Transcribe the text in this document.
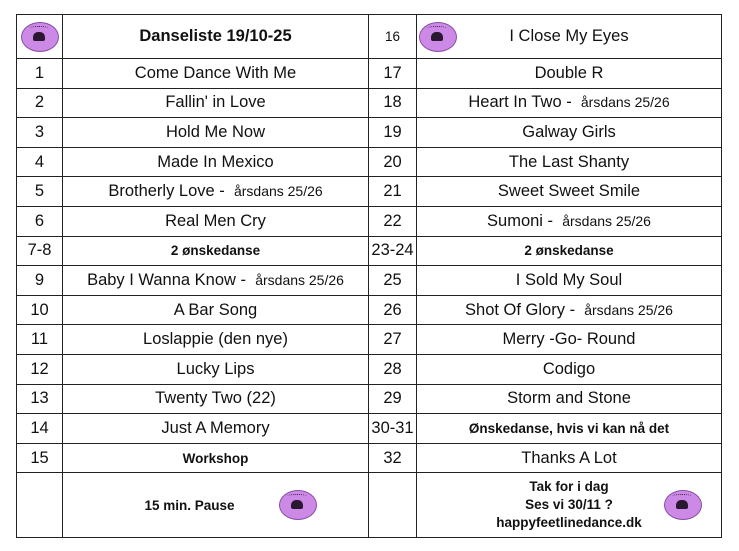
	Danseliste 19/10-25	16	I Close My Eyes

1	Come Dance With Me	17	Double R
2	Fallin' in Love	18	Heart In Two - årsdans 25/26
3	Hold Me Now	19	Galway Girls
4	Made In Mexico	20	The Last Shanty
5	Brotherly Love - årsdans 25/26	21	Sweet Sweet Smile
6	Real Men Cry	22	Sumoni - årsdans 25/26
7-8	2 ønskedanse	23-24	2 ønskedanse
9	Baby I Wanna Know - årsdans 25/26	25	I Sold My Soul
10	A Bar Song	26	Shot Of Glory - årsdans 25/26
11	Loslappie (den nye)	27	Merry -Go- Round
12	Lucky Lips	28	Codigo
13	Twenty Two (22)	29	Storm and Stone
14	Just A Memory	30-31	Ønskedanse, hvis vi kan nå det
15	Workshop	32	Thanks A Lot

	15 min. Pause		Tak for i dag
Ses vi 30/11 ?
happyfeetlinedance.dk
